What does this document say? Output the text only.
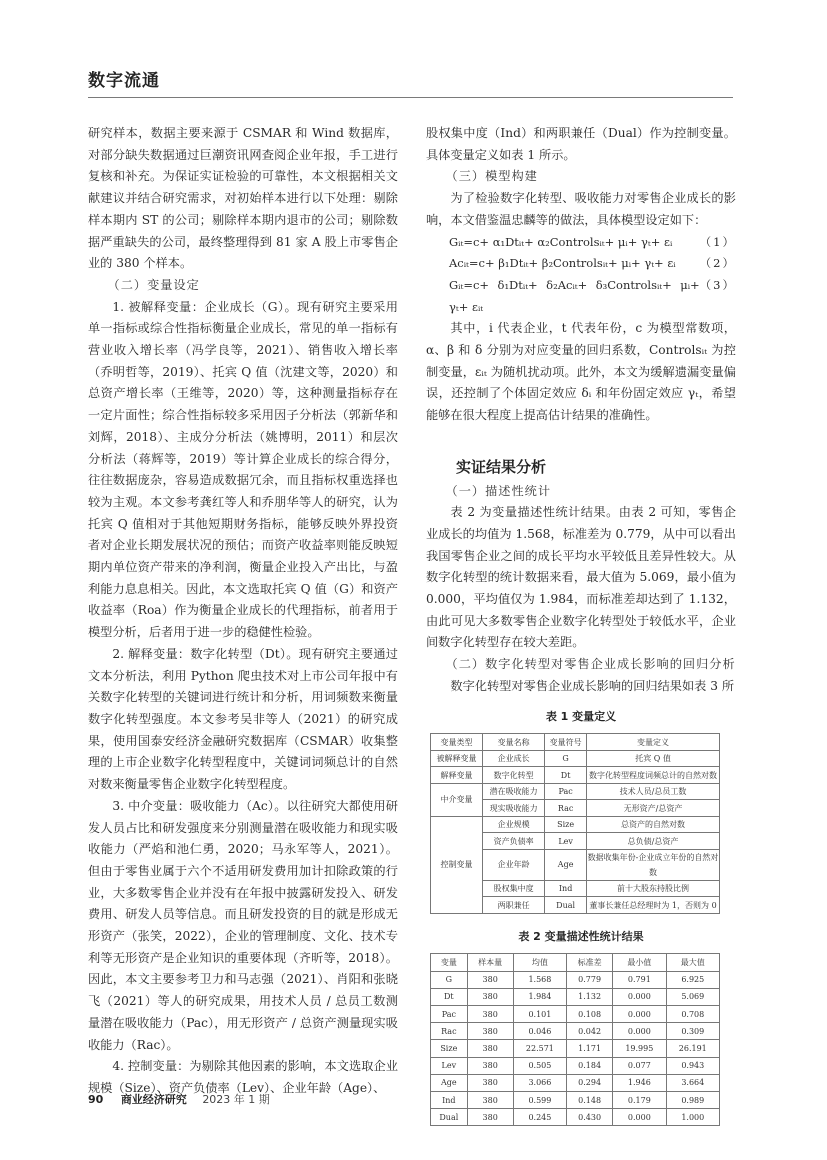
数字流通

研究样本，数据主要来源于 CSMAR 和 Wind 数据库，对部分缺失数据通过巨潮资讯网查阅企业年报，手工进行复核和补充。为保证实证检验的可靠性，本文根据相关文献建议并结合研究需求，对初始样本进行以下处理：剔除样本期内 ST 的公司；剔除样本期内退市的公司；剔除数据严重缺失的公司，最终整理得到 81 家 A 股上市零售企业的 380 个样本。

（二）变量设定

1. 被解释变量：企业成长（G）。现有研究主要采用单一指标或综合性指标衡量企业成长，常见的单一指标有营业收入增长率（冯学良等，2021）、销售收入增长率（乔明哲等，2019）、托宾 Q 值（沈建文等，2020）和总资产增长率（王维等，2020）等，这种测量指标存在一定片面性；综合性指标较多采用因子分析法（郭新华和刘辉，2018）、主成分分析法（姚博明，2011）和层次分析法（蒋辉等，2019）等计算企业成长的综合得分，往往数据庞杂，容易造成数据冗余，而且指标权重选择也较为主观。本文参考龚红等人和乔朋华等人的研究，认为托宾 Q 值相对于其他短期财务指标，能够反映外界投资者对企业长期发展状况的预估；而资产收益率则能反映短期内单位资产带来的净利润，衡量企业投入产出比，与盈利能力息息相关。因此，本文选取托宾 Q 值（G）和资产收益率（Roa）作为衡量企业成长的代理指标，前者用于模型分析，后者用于进一步的稳健性检验。

2. 解释变量：数字化转型（Dt）。现有研究主要通过文本分析法，利用 Python 爬虫技术对上市公司年报中有关数字化转型的关键词进行统计和分析，用词频数来衡量数字化转型强度。本文参考吴非等人（2021）的研究成果，使用国泰安经济金融研究数据库（CSMAR）收集整理的上市企业数字化转型程度中，关键词词频总计的自然对数来衡量零售企业数字化转型程度。

3. 中介变量：吸收能力（Ac）。以往研究大都使用研发人员占比和研发强度来分别测量潜在吸收能力和现实吸收能力（严焰和池仁勇，2020；马永军等人，2021）。但由于零售业属于六个不适用研发费用加计扣除政策的行业，大多数零售企业并没有在年报中披露研发投入、研发费用、研发人员等信息。而且研发投资的目的就是形成无形资产（张笑，2022），企业的管理制度、文化、技术专利等无形资产是企业知识的重要体现（齐昕等，2018）。因此，本文主要参考卫力和马志强（2021）、肖阳和张晓飞（2021）等人的研究成果，用技术人员 / 总员工数测量潜在吸收能力（Pac），用无形资产 / 总资产测量现实吸收能力（Rac）。

4. 控制变量：为剔除其他因素的影响，本文选取企业规模（Size）、资产负债率（Lev）、企业年龄（Age）、

股权集中度（Ind）和两职兼任（Dual）作为控制变量。具体变量定义如表 1 所示。

（三）模型构建

为了检验数字化转型、吸收能力对零售企业成长的影响，本文借鉴温忠麟等的做法，具体模型设定如下：

Gᵢₜ=c+ α₁Dtᵢₜ+ α₂Controlsᵢₜ+ μᵢ+ γₜ+ εᵢ （1）
Acᵢₜ=c+ β₁Dtᵢₜ+ β₂Controlsᵢₜ+ μᵢ+ γₜ+ εᵢ （2）
Gᵢₜ=c+ δ₁Dtᵢₜ+ δ₂Acᵢₜ+ δ₃Controlsᵢₜ+ μᵢ+ γₜ+ εᵢₜ
（3）

其中，i 代表企业，t 代表年份，c 为模型常数项，α、β 和 δ 分别为对应变量的回归系数，Controlsᵢₜ 为控制变量，εᵢₜ 为随机扰动项。此外，本文为缓解遗漏变量偏误，还控制了个体固定效应 δᵢ 和年份固定效应 γₜ，希望能够在很大程度上提高估计结果的准确性。

实证结果分析

（一）描述性统计

表 2 为变量描述性统计结果。由表 2 可知，零售企业成长的均值为 1.568，标准差为 0.779，从中可以看出我国零售企业之间的成长平均水平较低且差异性较大。从数字化转型的统计数据来看，最大值为 5.069，最小值为 0.000，平均值仅为 1.984，而标准差却达到了 1.132，由此可见大多数零售企业数字化转型处于较低水平，企业间数字化转型存在较大差距。

（二）数字化转型对零售企业成长影响的回归分析

数字化转型对零售企业成长影响的回归结果如表 3 所

表 1 变量定义
变量类型	变量名称	变量符号	变量定义
被解释变量	企业成长	G	托宾 Q 值
解释变量	数字化转型	Dt	数字化转型程度词频总计的自然对数
中介变量	潜在吸收能力	Pac	技术人员/总员工数
	现实吸收能力	Rac	无形资产/总资产
控制变量	企业规模	Size	总资产的自然对数
	资产负债率	Lev	总负债/总资产
	企业年龄	Age	数据收集年份-企业成立年份的自然对数
	股权集中度	Ind	前十大股东持股比例
	两职兼任	Dual	董事长兼任总经理时为 1，否则为 0
表 2 变量描述性统计结果
变量	样本量	均值	标准差	最小值	最大值
G	380	1.568	0.779	0.791	6.925
Dt	380	1.984	1.132	0.000	5.069
Pac	380	0.101	0.108	0.000	0.708
Rac	380	0.046	0.042	0.000	0.309
Size	380	22.571	1.171	19.995	26.191
Lev	380	0.505	0.184	0.077	0.943
Age	380	3.066	0.294	1.946	3.664
Ind	380	0.599	0.148	0.179	0.989
Dual	380	0.245	0.430	0.000	1.000
90 商业经济研究 2023 年 1 期
